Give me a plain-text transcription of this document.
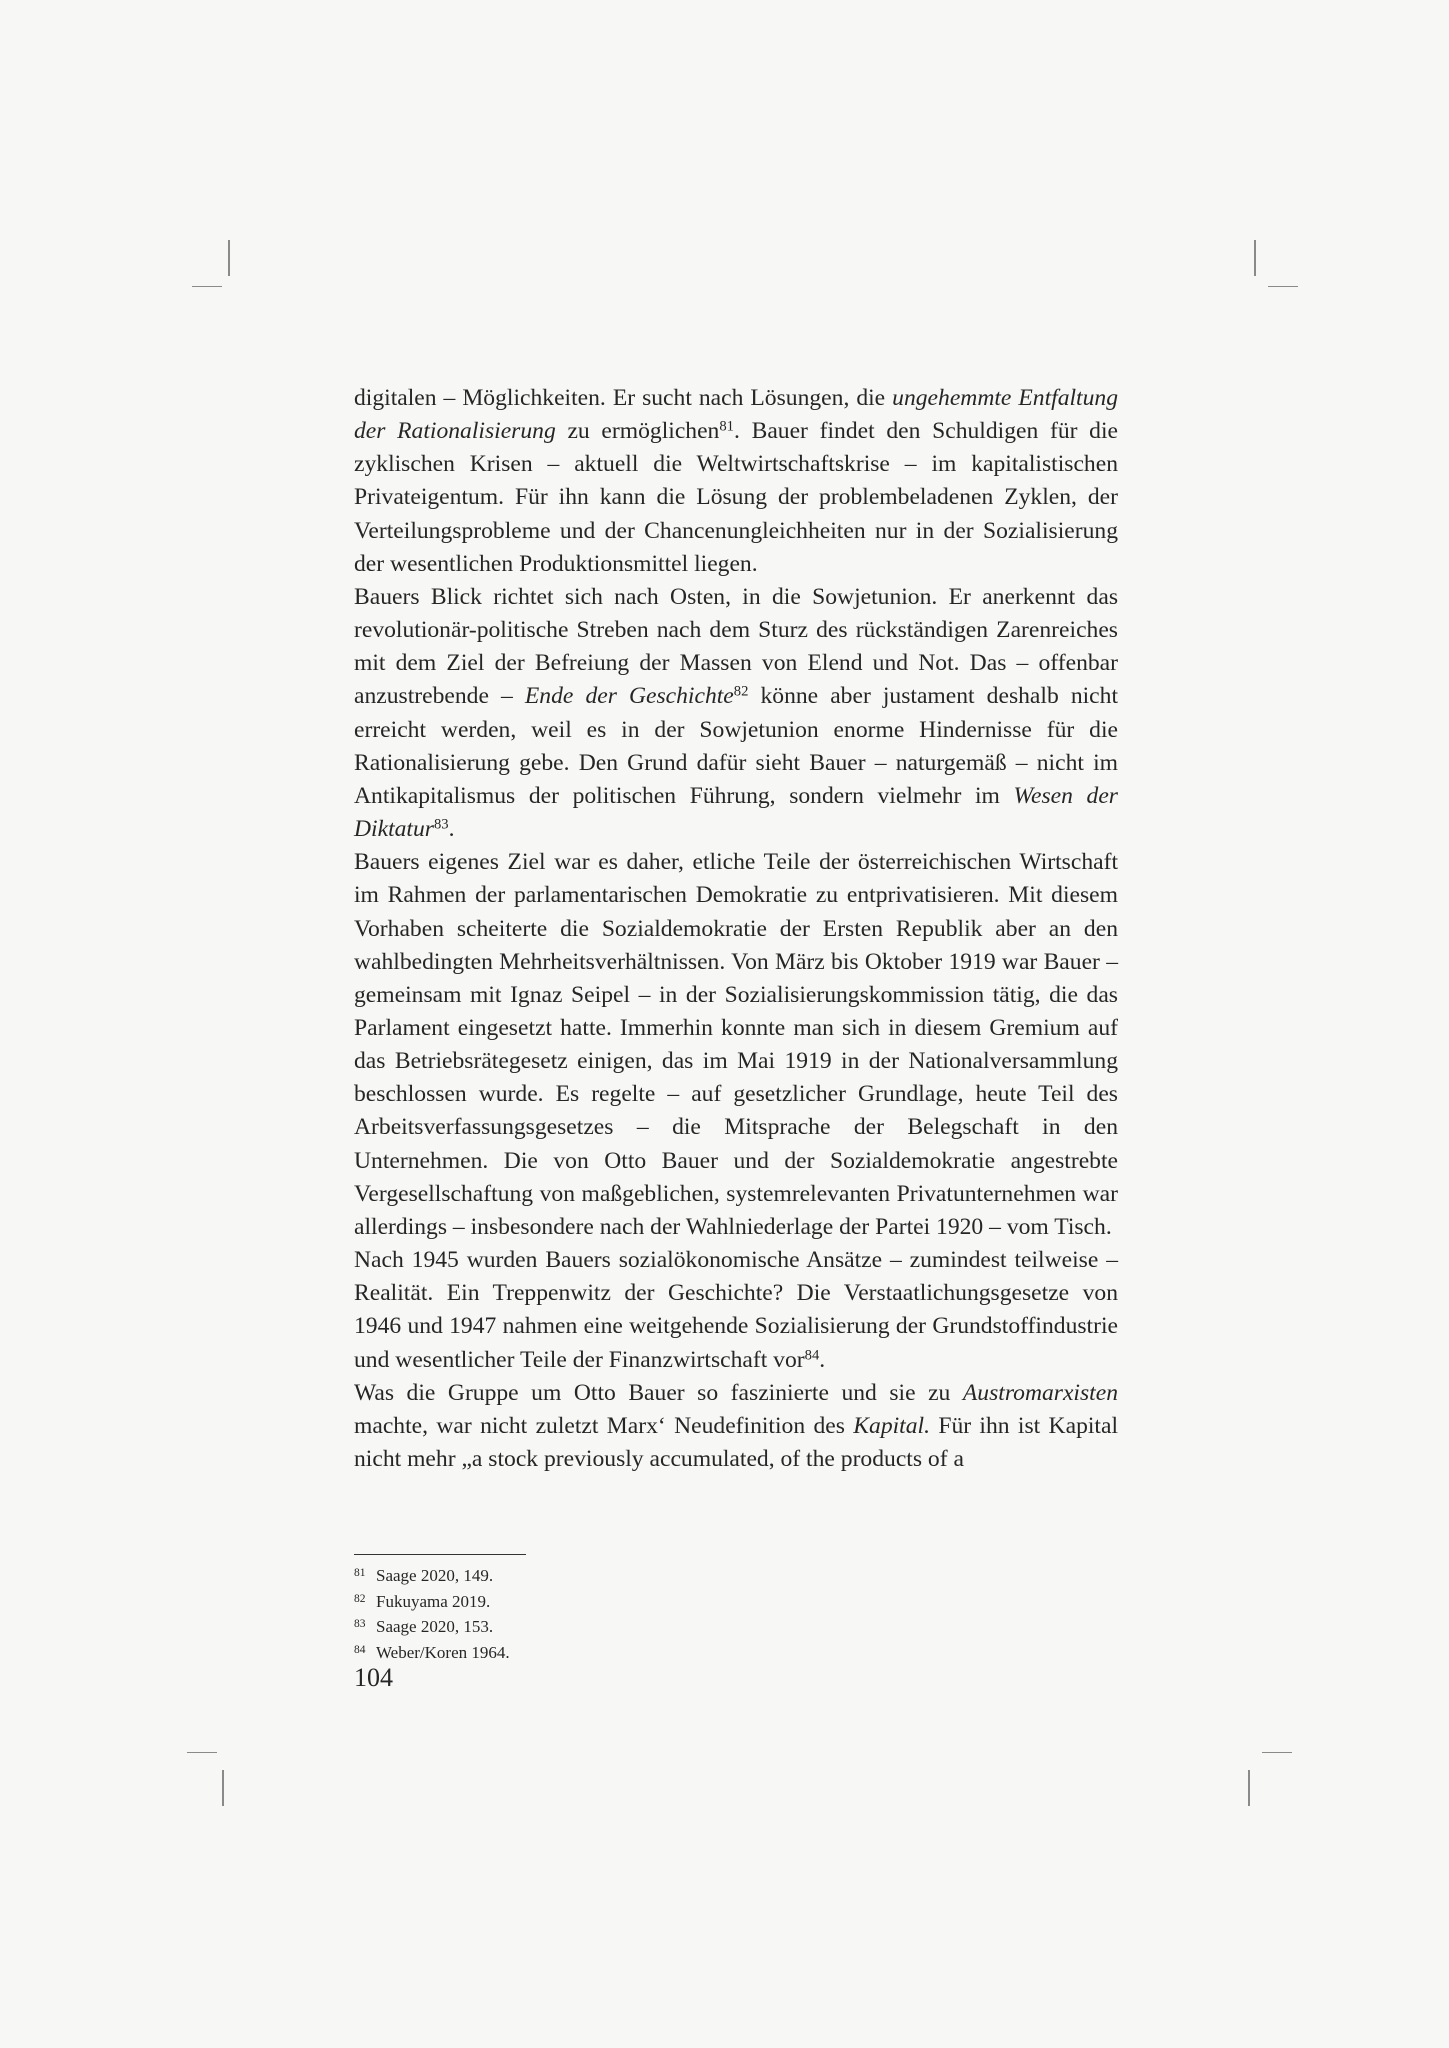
digitalen – Möglichkeiten. Er sucht nach Lösungen, die ungehemmte Entfaltung der Rationalisierung zu ermöglichen$^{81}$. Bauer findet den Schuldigen für die zyklischen Krisen – aktuell die Weltwirtschaftskrise – im kapitalistischen Privateigentum. Für ihn kann die Lösung der problembeladenen Zyklen, der Verteilungsprobleme und der Chancenungleichheiten nur in der Sozialisierung der wesentlichen Produktionsmittel liegen.

Bauers Blick richtet sich nach Osten, in die Sowjetunion. Er anerkennt das revolutionär-politische Streben nach dem Sturz des rückständigen Zarenreiches mit dem Ziel der Befreiung der Massen von Elend und Not. Das – offenbar anzustrebende – Ende der Geschichte$^{82}$ könne aber justament deshalb nicht erreicht werden, weil es in der Sowjetunion enorme Hindernisse für die Rationalisierung gebe. Den Grund dafür sieht Bauer – naturgemäß – nicht im Antikapitalismus der politischen Führung, sondern vielmehr im Wesen der Diktatur$^{83}$.

Bauers eigenes Ziel war es daher, etliche Teile der österreichischen Wirtschaft im Rahmen der parlamentarischen Demokratie zu entprivatisieren. Mit diesem Vorhaben scheiterte die Sozialdemokratie der Ersten Republik aber an den wahlbedingten Mehrheitsverhältnissen. Von März bis Oktober 1919 war Bauer – gemeinsam mit Ignaz Seipel – in der Sozialisierungskommission tätig, die das Parlament eingesetzt hatte. Immerhin konnte man sich in diesem Gremium auf das Betriebsrätegesetz einigen, das im Mai 1919 in der Nationalversammlung beschlossen wurde. Es regelte – auf gesetzlicher Grundlage, heute Teil des Arbeitsverfassungsgesetzes – die Mitsprache der Belegschaft in den Unternehmen. Die von Otto Bauer und der Sozialdemokratie angestrebte Vergesellschaftung von maßgeblichen, systemrelevanten Privatunternehmen war allerdings – insbesondere nach der Wahlniederlage der Partei 1920 – vom Tisch.

Nach 1945 wurden Bauers sozialökonomische Ansätze – zumindest teilweise – Realität. Ein Treppenwitz der Geschichte? Die Verstaatlichungsgesetze von 1946 und 1947 nahmen eine weitgehende Sozialisierung der Grundstoffindustrie und wesentlicher Teile der Finanzwirtschaft vor$^{84}$.

Was die Gruppe um Otto Bauer so faszinierte und sie zu Austromarxisten machte, war nicht zuletzt Marx‘ Neudefinition des Kapital. Für ihn ist Kapital nicht mehr „a stock previously accumulated, of the products of a

81 Saage 2020, 149.
82 Fukuyama 2019.
83 Saage 2020, 153.
84 Weber/Koren 1964.
104
